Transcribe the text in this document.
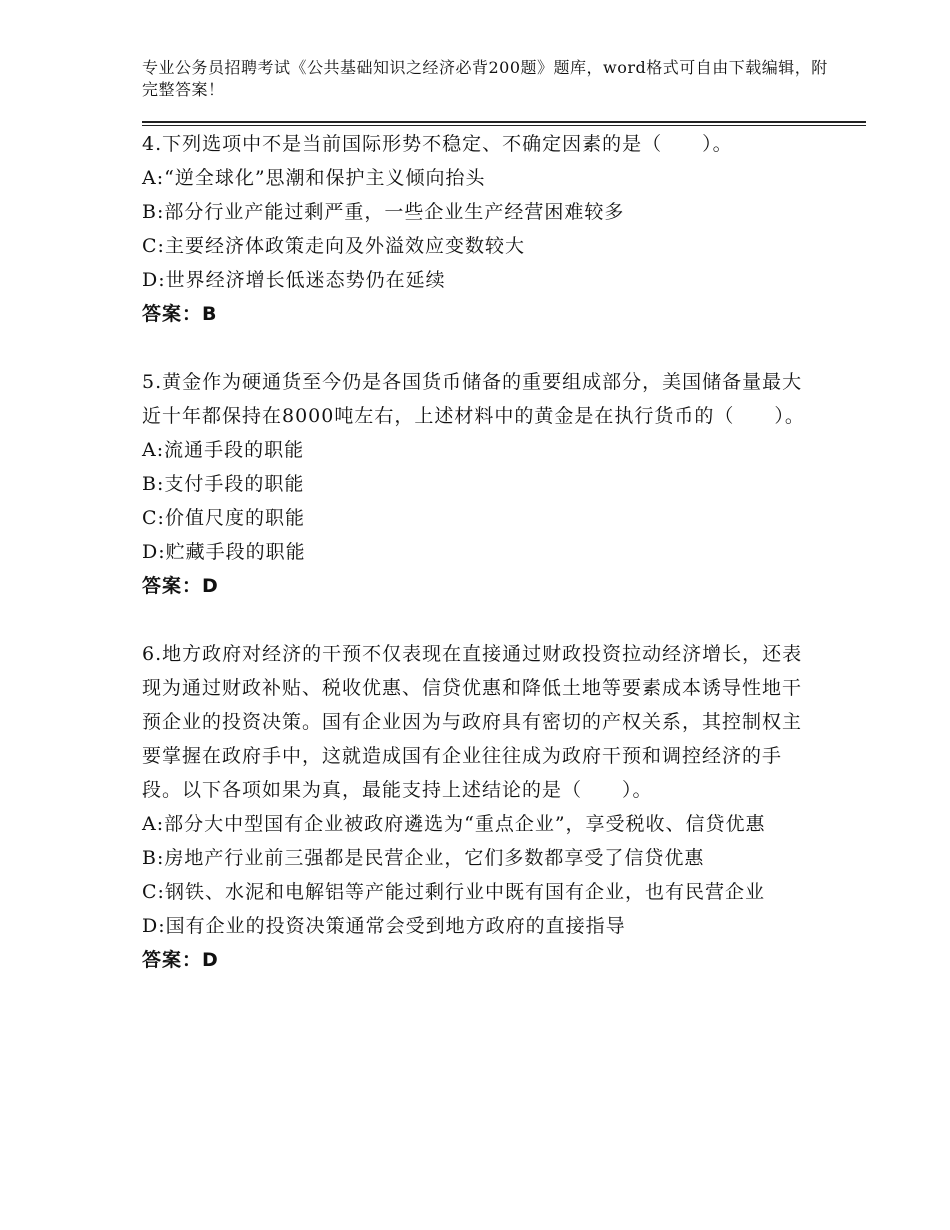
专业公务员招聘考试《公共基础知识之经济必背200题》题库，word格式可自由下载编辑，附完整答案！

4.下列选项中不是当前国际形势不稳定、不确定因素的是（　　）。

A:“逆全球化”思潮和保护主义倾向抬头

B:部分行业产能过剩严重，一些企业生产经营困难较多

C:主要经济体政策走向及外溢效应变数较大

D:世界经济增长低迷态势仍在延续

答案：B

5.黄金作为硬通货至今仍是各国货币储备的重要组成部分，美国储备量最大近十年都保持在8000吨左右，上述材料中的黄金是在执行货币的（　　）。

A:流通手段的职能

B:支付手段的职能

C:价值尺度的职能

D:贮藏手段的职能

答案：D

6.地方政府对经济的干预不仅表现在直接通过财政投资拉动经济增长，还表现为通过财政补贴、税收优惠、信贷优惠和降低土地等要素成本诱导性地干预企业的投资决策。国有企业因为与政府具有密切的产权关系，其控制权主要掌握在政府手中，这就造成国有企业往往成为政府干预和调控经济的手段。以下各项如果为真，最能支持上述结论的是（　　）。

A:部分大中型国有企业被政府遴选为“重点企业”，享受税收、信贷优惠

B:房地产行业前三强都是民营企业，它们多数都享受了信贷优惠

C:钢铁、水泥和电解铝等产能过剩行业中既有国有企业，也有民营企业

D:国有企业的投资决策通常会受到地方政府的直接指导

答案：D
